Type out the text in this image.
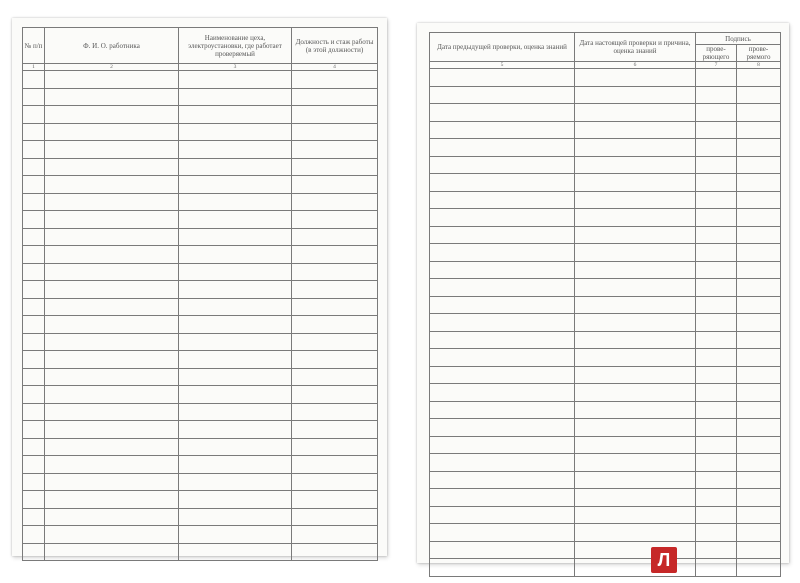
№ п/п	Ф. И. О. работника	Наименование цеха, электроустановки, где работает проверяемый	Должность и стаж работы (в этой должности)
1	2	3	4

Дата предыдущей проверки, оценка знаний	Дата настоящей проверки и причина, оценка знаний	Подпись	
		прове-ряющего	прове-ряемого
5	6	7	8

Л
